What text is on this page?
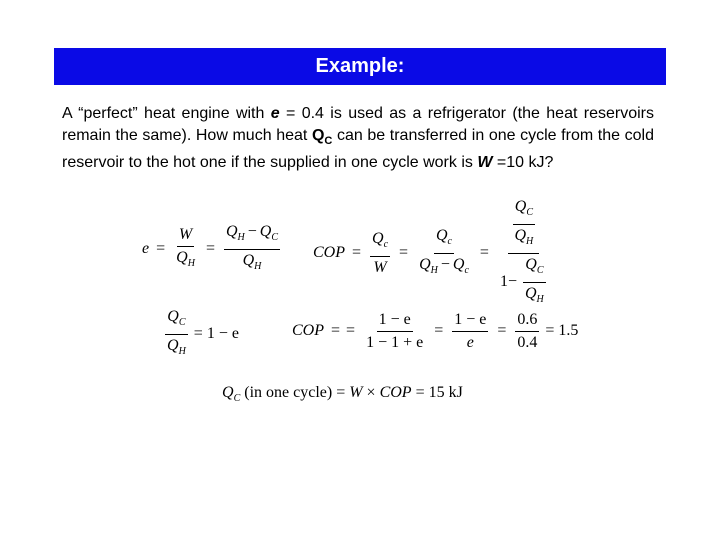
Example:
A “perfect” heat engine with e = 0.4 is used as a refrigerator (the heat reservoirs remain the same). How much heat $Q_C$ can be transferred in one cycle from the cold reservoir to the hot one if the supplied in one cycle work is W =10 kJ?
$e = \frac{W}{Q_H} = \frac{Q_H - Q_C}{Q_H}$ COP = $\frac{Q_c}{W} = \frac{Q_c}{Q_H - Q_c} = \frac{\frac{Q_C}{Q_H}}{1- \frac{Q_C}{Q_H}}$
$\frac{Q_C}{Q_H} = 1 - e$	COP = = $\frac{1 - e}{1 - 1 + e} = \frac{1 - e}{e} = \frac{0.6}{0.4} = 1.5$
$Q_C$ (in one cycle) = W × COP = 15 kJ
